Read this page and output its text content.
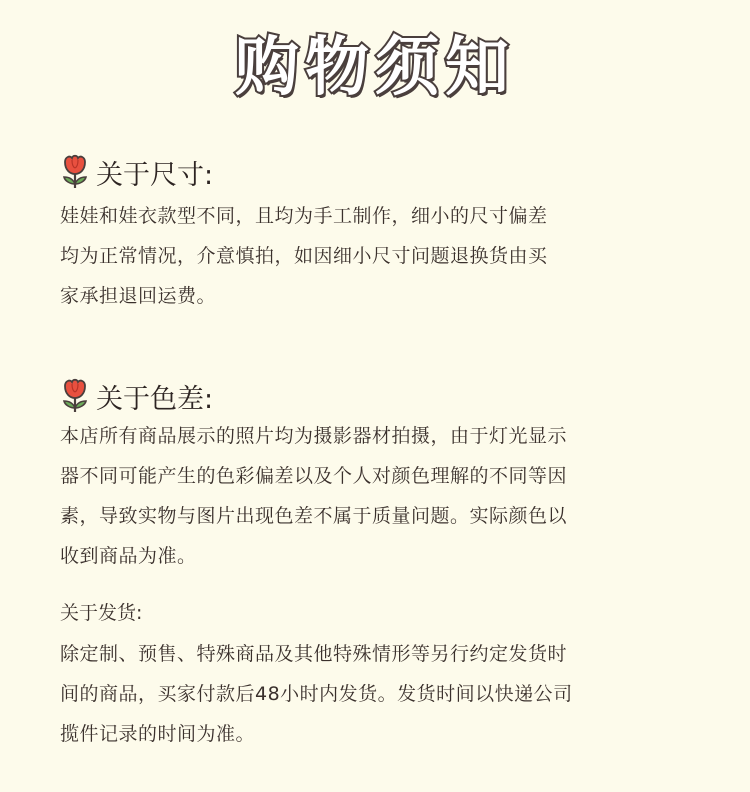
购物须知
关于尺寸:
娃娃和娃衣款型不同，且均为手工制作，细小的尺寸偏差
均为正常情况，介意慎拍，如因细小尺寸问题退换货由买
家承担退回运费。
关于色差:
本店所有商品展示的照片均为摄影器材拍摄，由于灯光显示
器不同可能产生的色彩偏差以及个人对颜色理解的不同等因
素，导致实物与图片出现色差不属于质量问题。实际颜色以
收到商品为准。
关于发货:
除定制、预售、特殊商品及其他特殊情形等另行约定发货时
间的商品，买家付款后48小时内发货。发货时间以快递公司
揽件记录的时间为准。
